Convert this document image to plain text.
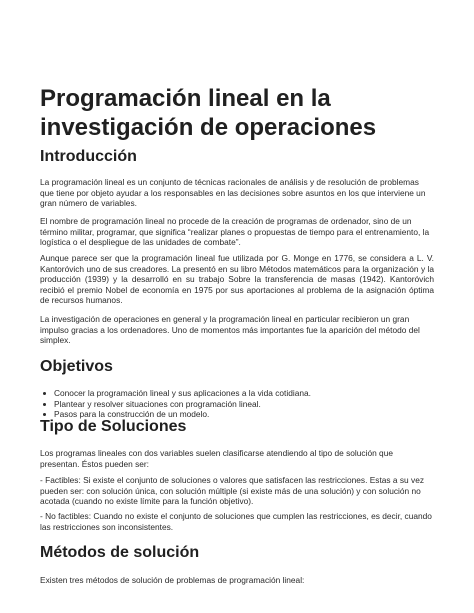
Programación lineal en la
investigación de operaciones
Introducción

La programación lineal es un conjunto de técnicas racionales de análisis y de resolución de problemas que tiene por objeto ayudar a los responsables en las decisiones sobre asuntos en los que interviene un gran número de variables.

El nombre de programación lineal no procede de la creación de programas de ordenador, sino de un término militar, programar, que significa “realizar planes o propuestas de tiempo para el entrenamiento, la logística o el despliegue de las unidades de combate”.

Aunque parece ser que la programación lineal fue utilizada por G. Monge en 1776, se considera a L. V. Kantoróvich uno de sus creadores. La presentó en su libro Métodos matemáticos para la organización y la producción (1939) y la desarrolló en su trabajo Sobre la transferencia de masas (1942). Kantoróvich recibió el premio Nobel de economía en 1975 por sus aportaciones al problema de la asignación óptima de recursos humanos.

La investigación de operaciones en general y la programación lineal en particular recibieron un gran impulso gracias a los ordenadores. Uno de momentos más importantes fue la aparición del método del simplex.

Objetivos
Conocer la programación lineal y sus aplicaciones a la vida cotidiana.
Plantear y resolver situaciones con programación lineal.
Pasos para la construcción de un modelo.
Tipo de Soluciones

Los programas lineales con dos variables suelen clasificarse atendiendo al tipo de solución que presentan. Éstos pueden ser:

- Factibles: Si existe el conjunto de soluciones o valores que satisfacen las restricciones. Estas a su vez pueden ser: con solución única, con solución múltiple (si existe más de una solución) y con solución no acotada (cuando no existe límite para la función objetivo).

- No factibles: Cuando no existe el conjunto de soluciones que cumplen las restricciones, es decir, cuando las restricciones son inconsistentes.

Métodos de solución

Existen tres métodos de solución de problemas de programación lineal:
